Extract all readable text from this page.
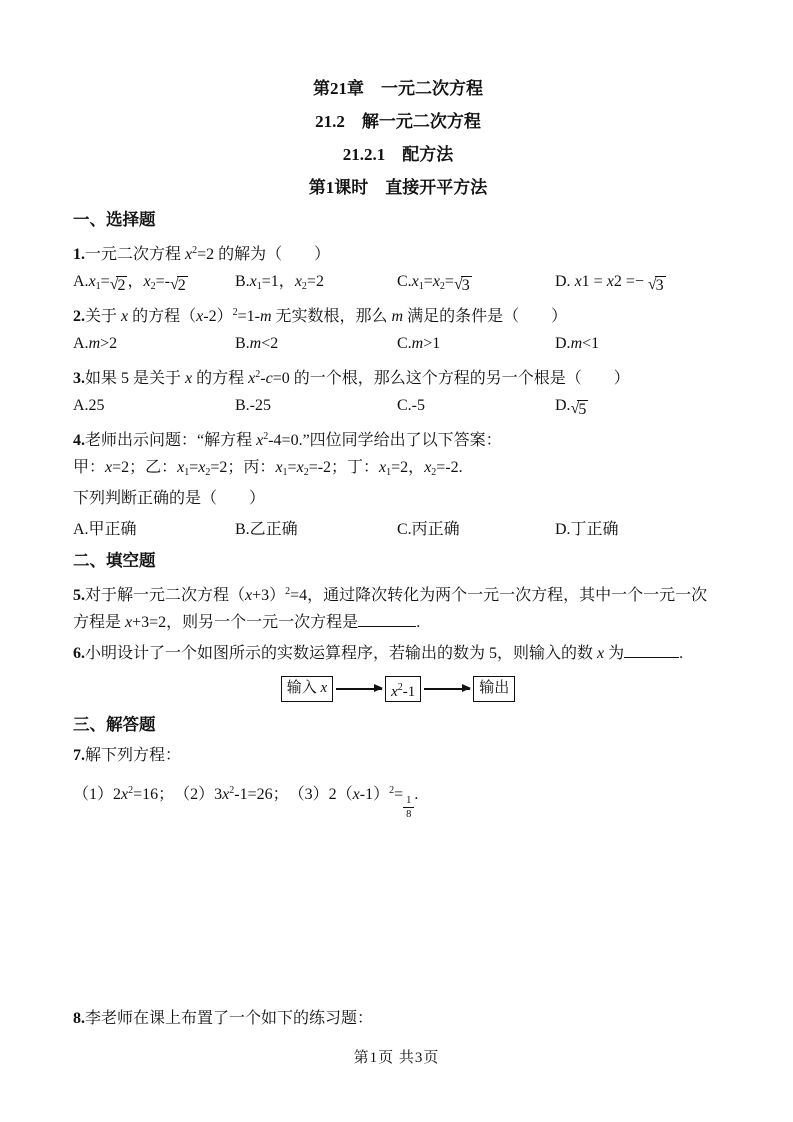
第21章　一元二次方程
21.2　解一元二次方程
21.2.1　配方法
第1课时　直接开平方法
一、选择题
1.一元二次方程 $x^2=2$ 的解为（　　）
$A.x_1=$ √ 2 ，$x_2=-$ √ 2	$B.x_1=1$，$x_2=2$	$C.x_1=x_2=$ √ 3	D. x1 = x2 =− √ 3
2.关于 x 的方程$(x-2)^2=1-m$ 无实数根，那么 m 满足的条件是（　　）
A.m>2	B.m<2	C.m>1	D.m<1
3.如果 5 是关于 x 的方程 $x^2-c=0$ 的一个根，那么这个方程的另一个根是（　　）
A.25	B.-25	C.-5	D. √ 5
4.老师出示问题：“解方程 $x^2-4=0$.”四位同学给出了以下答案：
甲：x=2；乙：$x_1=x_2=2$；丙：$x_1=x_2=-2$；丁：$x_1=2$，$x_2=-2$.
下列判断正确的是（　　）
A.甲正确	B.乙正确	C.丙正确	D.丁正确
二、填空题
5.对于解一元二次方程$(x+3)^2=4$，通过降次转化为两个一元一次方程，其中一个一元一次
方程是 x+3=2，则另一个一元一次方程是	.
6.小明设计了一个如图所示的实数运算程序，若输出的数为 5，则输入的数 x 为	.
输入 x	$x^2-1$	输出
三、解答题
7.解下列方程：
$(1)2x^2=16$；　$(2)3x^2-1=26$；　$(3)2(x-1)^2= \frac{1}{8}$ .
8.李老师在课上布置了一个如下的练习题：
第1页 共3页
